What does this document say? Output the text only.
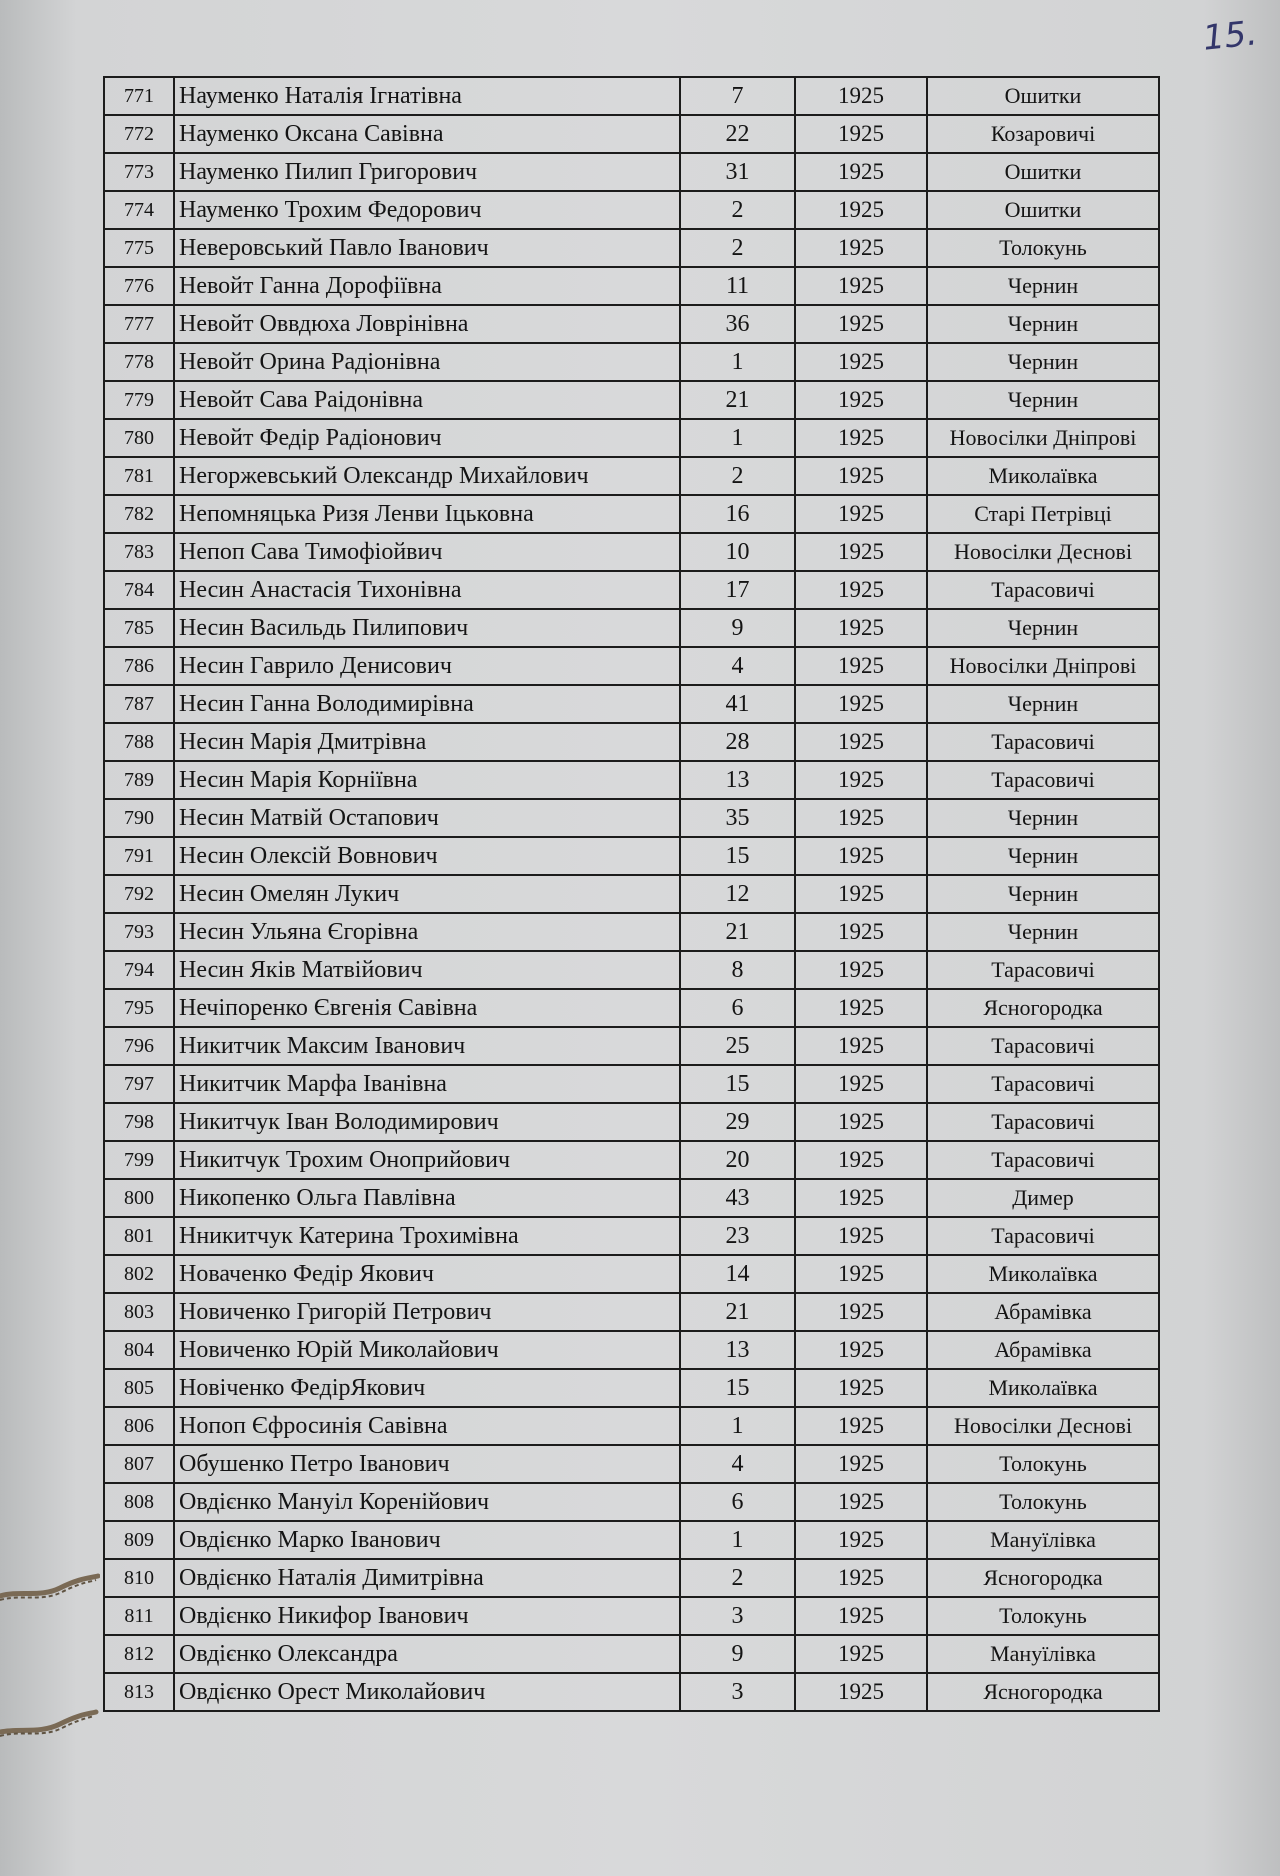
15.
771	Науменко Наталія Ігнатівна	7	1925	Ошитки
772	Науменко Оксана Савівна	22	1925	Козаровичі
773	Науменко Пилип Григорович	31	1925	Ошитки
774	Науменко Трохим Федорович	2	1925	Ошитки
775	Неверовський Павло Іванович	2	1925	Толокунь
776	Невойт Ганна Дорофіївна	11	1925	Чернин
777	Невойт Оввдюха Ловрінівна	36	1925	Чернин
778	Невойт Орина Радіонівна	1	1925	Чернин
779	Невойт Сава Раідонівна	21	1925	Чернин
780	Невойт Федір Радіонович	1	1925	Новосілки Дніпрові
781	Негоржевський Олександр Михайлович	2	1925	Миколаївка
782	Непомняцька Ризя Ленви Іцьковна	16	1925	Старі Петрівці
783	Непоп Сава Тимофіойвич	10	1925	Новосілки Деснові
784	Несин Анастасія Тихонівна	17	1925	Тарасовичі
785	Несин Васильдь Пилипович	9	1925	Чернин
786	Несин Гаврило Денисович	4	1925	Новосілки Дніпрові
787	Несин Ганна Володимирівна	41	1925	Чернин
788	Несин Марія Дмитрівна	28	1925	Тарасовичі
789	Несин Марія Корніївна	13	1925	Тарасовичі
790	Несин Матвій Остапович	35	1925	Чернин
791	Несин Олексій Вовнович	15	1925	Чернин
792	Несин Омелян Лукич	12	1925	Чернин
793	Несин Ульяна Єгорівна	21	1925	Чернин
794	Несин Яків Матвійович	8	1925	Тарасовичі
795	Нечіпоренко Євгенія Савівна	6	1925	Ясногородка
796	Никитчик Максим Іванович	25	1925	Тарасовичі
797	Никитчик Марфа Іванівна	15	1925	Тарасовичі
798	Никитчук Іван Володимирович	29	1925	Тарасовичі
799	Никитчук Трохим Оноприйович	20	1925	Тарасовичі
800	Никопенко Ольга Павлівна	43	1925	Димер
801	Нникитчук Катерина Трохимівна	23	1925	Тарасовичі
802	Новаченко Федір Якович	14	1925	Миколаївка
803	Новиченко Григорій Петрович	21	1925	Абрамівка
804	Новиченко Юрій Миколайович	13	1925	Абрамівка
805	Новіченко ФедірЯкович	15	1925	Миколаївка
806	Нопоп Єфросинія Савівна	1	1925	Новосілки Деснові
807	Обушенко Петро Іванович	4	1925	Толокунь
808	Овдієнко Мануіл Коренійович	6	1925	Толокунь
809	Овдієнко Марко Іванович	1	1925	Мануїлівка
810	Овдієнко Наталія Димитрівна	2	1925	Ясногородка
811	Овдієнко Никифор Іванович	3	1925	Толокунь
812	Овдієнко Олександра	9	1925	Мануїлівка
813	Овдієнко Орест Миколайович	3	1925	Ясногородка
